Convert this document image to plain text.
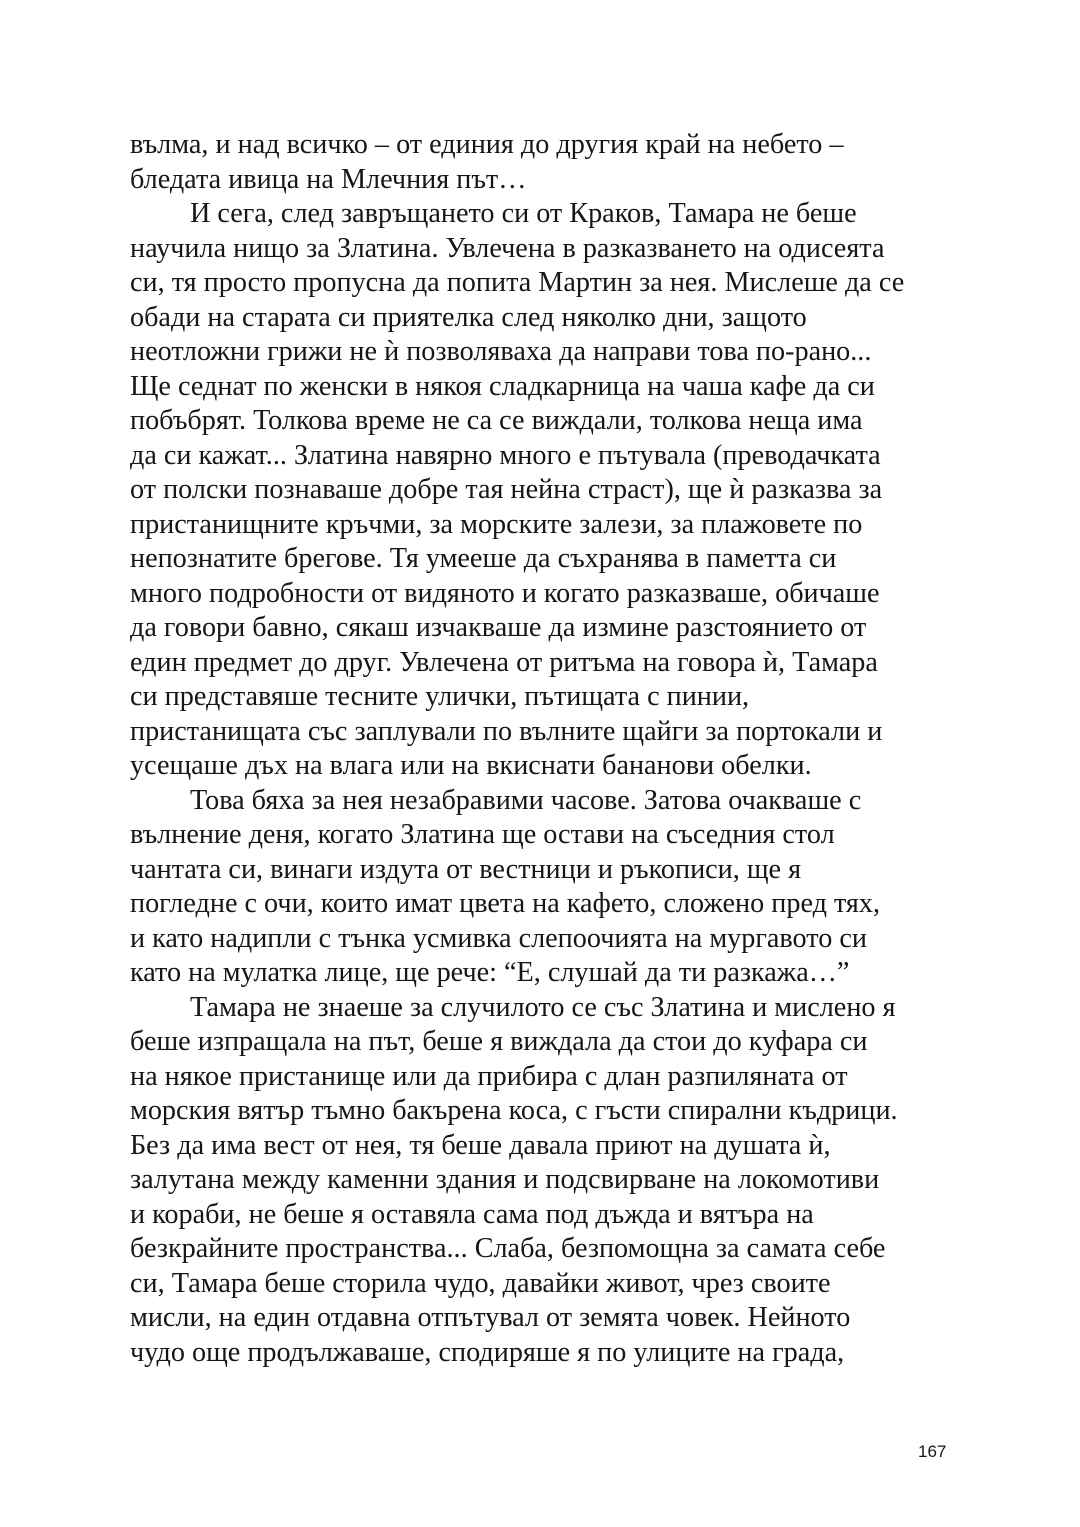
вълма, и над всичко – от единия до другия край на небето –
бледата ивица на Млечния път…
И сега, след завръщането си от Краков, Тамара не беше
научила нищо за Златина. Увлечена в разказването на одисеята
си, тя просто пропусна да попита Мартин за нея. Мислеше да се
обади на старата си приятелка след няколко дни, защото
неотложни грижи не ѝ позволяваха да направи това по-рано...
Ще седнат по женски в някоя сладкарница на чаша кафе да си
побъбрят. Толкова време не са се виждали, толкова неща има
да си кажат... Златина навярно много е пътувала (преводачката
от полски познаваше добре тая нейна страст), ще ѝ разказва за
пристанищните кръчми, за морските залези, за плажовете по
непознатите брегове. Тя умееше да съхранява в паметта си
много подробности от видяното и когато разказваше, обичаше
да говори бавно, сякаш изчакваше да измине разстоянието от
един предмет до друг. Увлечена от ритъма на говора ѝ, Тамара
си представяше тесните улички, пътищата с пинии,
пристанищата със заплували по вълните щайги за портокали и
усещаше дъх на влага или на вкиснати бананови обелки.
Това бяха за нея незабравими часове. Затова очакваше с
вълнение деня, когато Златина ще остави на съседния стол
чантата си, винаги издута от вестници и ръкописи, ще я
погледне с очи, които имат цвета на кафето, сложено пред тях,
и като надипли с тънка усмивка слепоочията на мургавото си
като на мулатка лице, ще рече: “Е, слушай да ти разкажа…”
Тамара не знаеше за случилото се със Златина и мислено я
беше изпращала на път, беше я виждала да стои до куфара си
на някое пристанище или да прибира с длан разпиляната от
морския вятър тъмно бакърена коса, с гъсти спирални къдрици.
Без да има вест от нея, тя беше давала приют на душата ѝ,
залутана между каменни здания и подсвирване на локомотиви
и кораби, не беше я оставяла сама под дъжда и вятъра на
безкрайните пространства... Слаба, безпомощна за самата себе
си, Тамара беше сторила чудо, давайки живот, чрез своите
мисли, на един отдавна отпътувал от земята човек. Нейното
чудо още продължаваше, сподиряше я по улиците на града,
167
